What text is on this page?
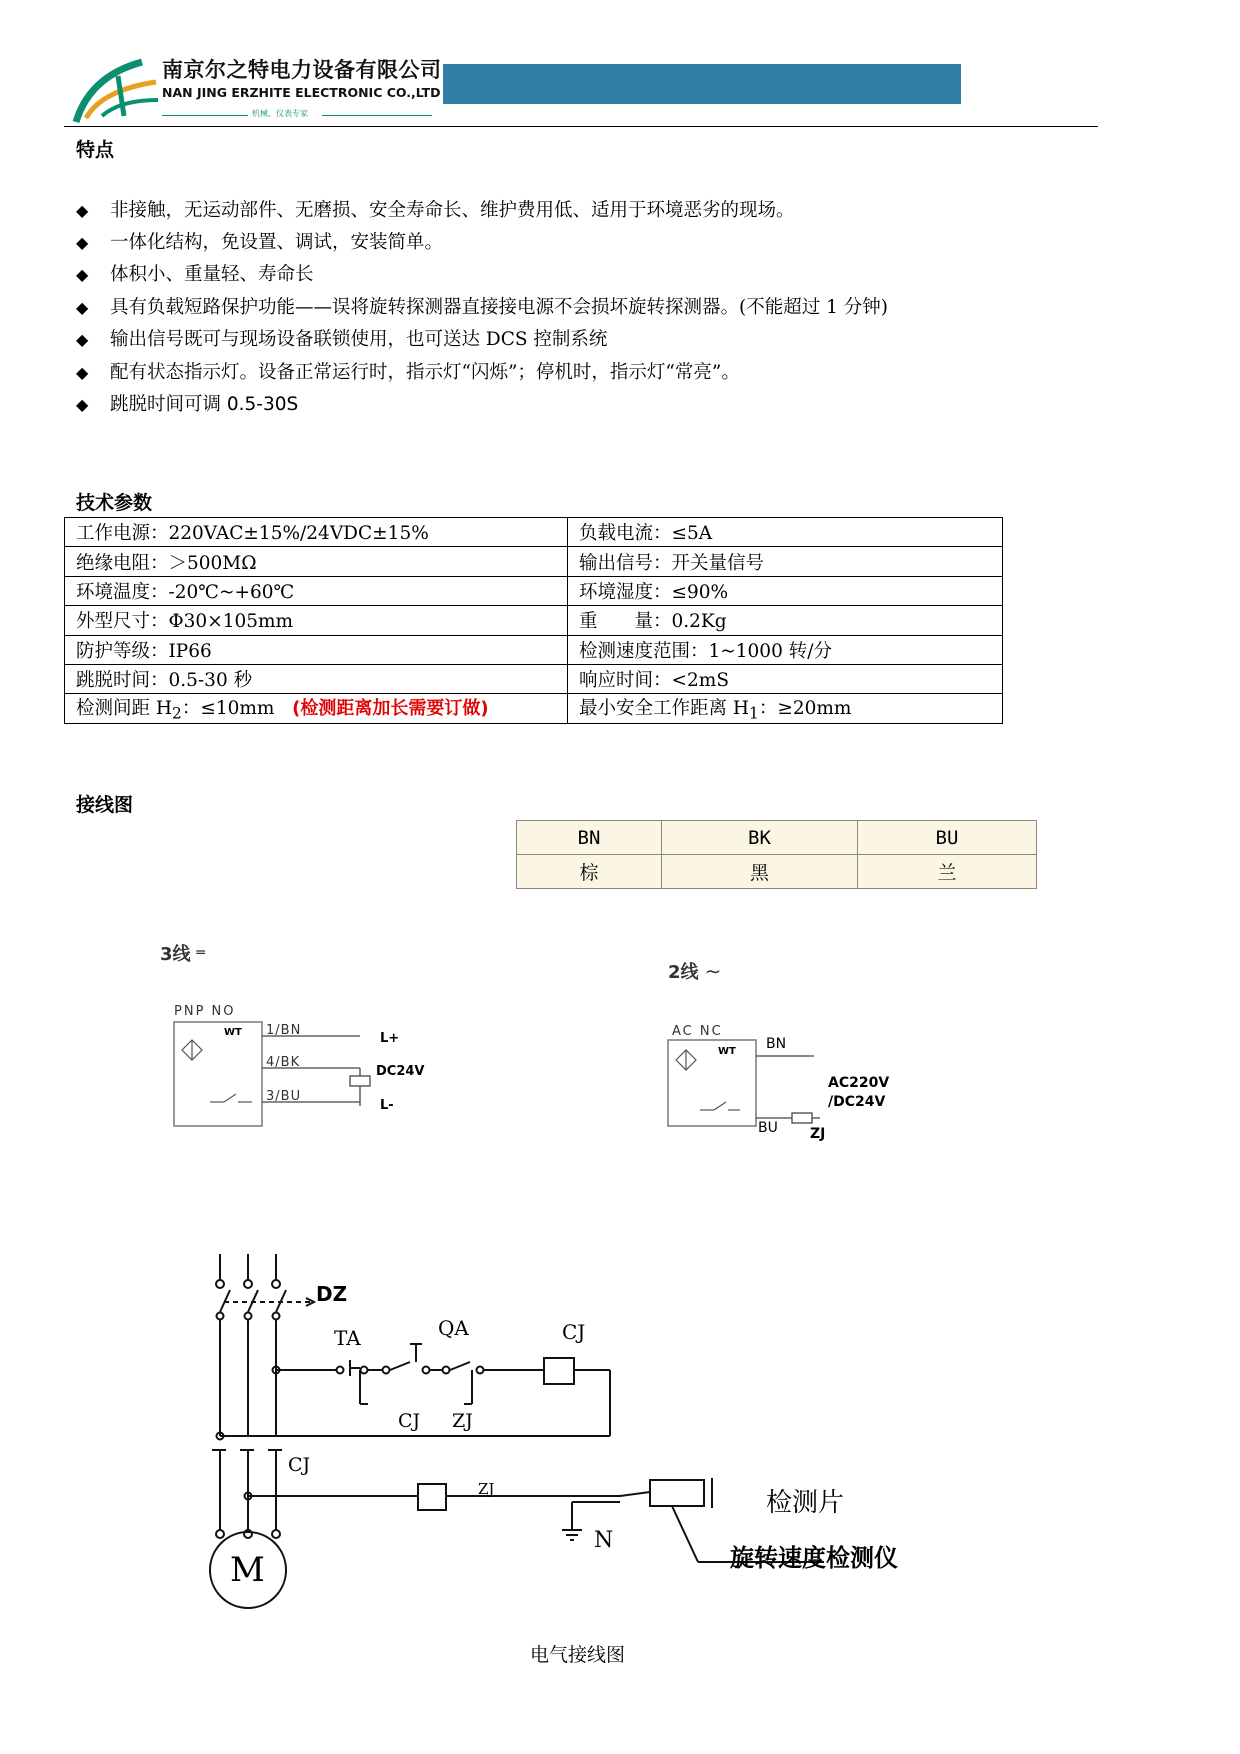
南京尔之特电力设备有限公司
NAN JING ERZHITE ELECTRONIC CO.,LTD
机械、仪表专家
特点
◆ 非接触，无运动部件、无磨损、安全寿命长、维护费用低、适用于环境恶劣的现场。
◆ 一体化结构，免设置、调试，安装简单。
◆ 体积小、重量轻、寿命长
◆ 具有负载短路保护功能——误将旋转探测器直接接电源不会损坏旋转探测器。(不能超过 1 分钟)
◆ 输出信号既可与现场设备联锁使用，也可送达 DCS 控制系统
◆ 配有状态指示灯。设备正常运行时，指示灯“闪烁”；停机时，指示灯“常亮”。
◆ 跳脱时间可调 0.5-30S
技术参数
工作电源：220VAC±15%/24VDC±15%	负载电流：≤5A
绝缘电阻：＞500MΩ	输出信号：开关量信号
环境温度：-20℃~+60℃	环境湿度：≤90%
外型尺寸：Φ30×105mm	重　　量：0.2Kg
防护等级：IP66	检测速度范围：1~1000 转/分
跳脱时间：0.5-30 秒	响应时间：<2mS
检测间距 $H_2$：≤10mm (检测距离加长需要订做)	最小安全工作距离 $H_1$：≥20mm
接线图
BN	BK	BU
棕	黑	兰
3线 ═
PNP NO
WT 1/BN
4/BK
3/BU
L+
L-
DC24V
2线 ∼
AC NC
WT BN
BU
AC220V
/DC24V
ZJ
DZ
TA	QA	CJ
CJ ZJ
CJ
ZJ
N
M
检测片
旋转速度检测仪
电气接线图
